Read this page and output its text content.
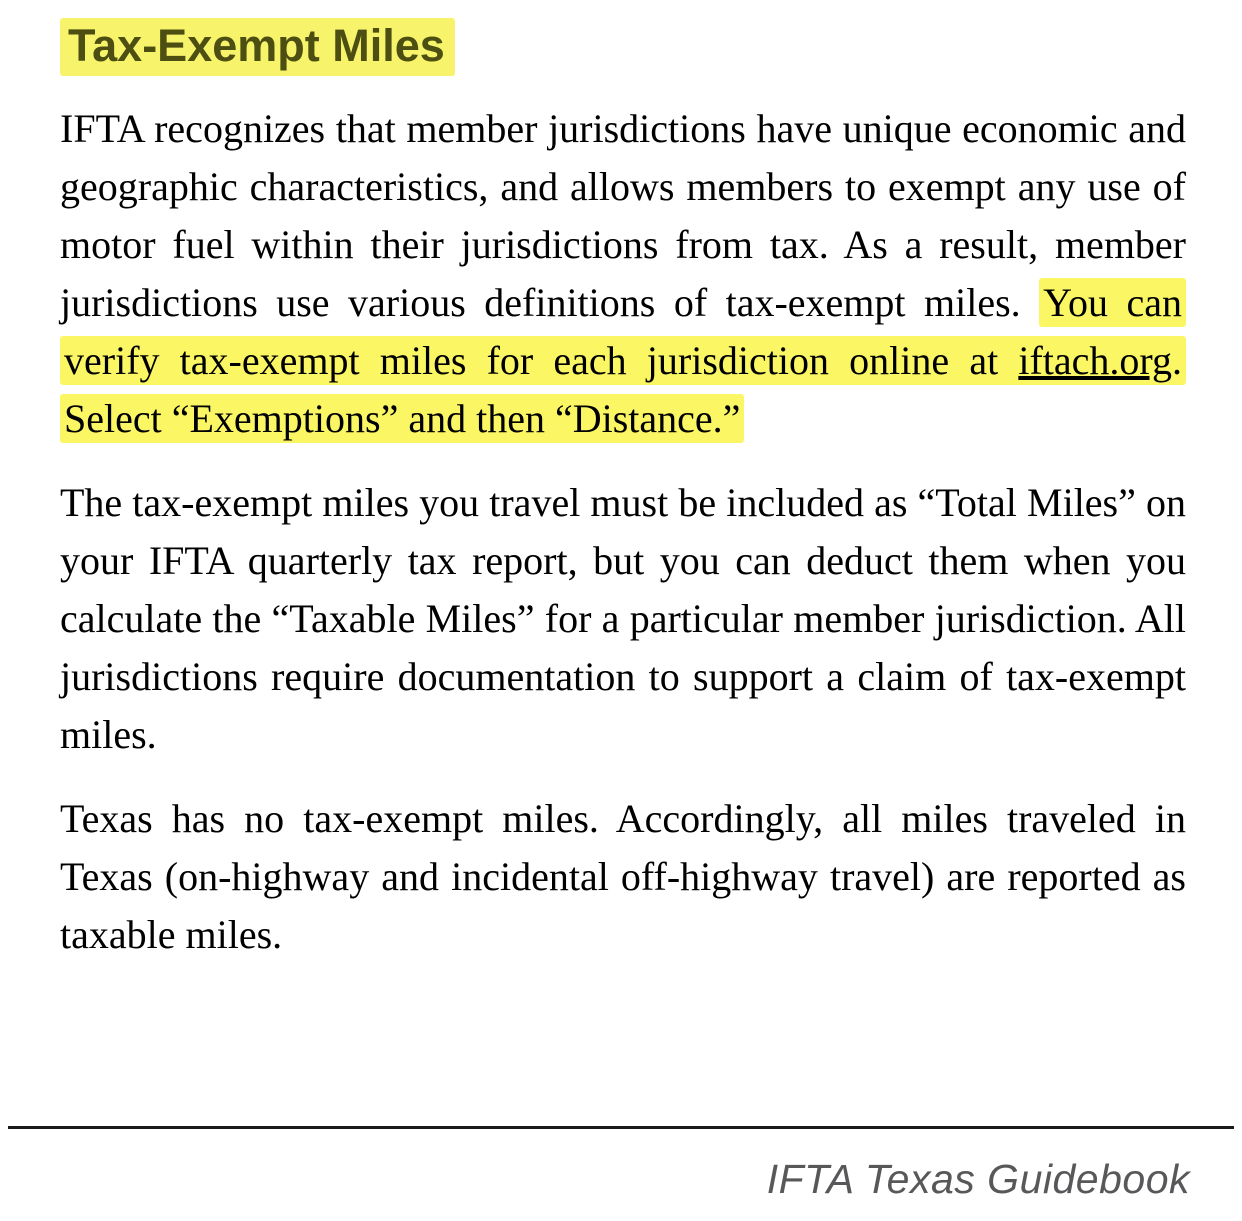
Tax-Exempt Miles

IFTA recognizes that member jurisdictions have unique economic and geographic characteristics, and allows members to exempt any use of motor fuel within their jurisdictions from tax. As a result, member jurisdictions use various definitions of tax-exempt miles. You can verify tax-exempt miles for each jurisdiction online at iftach.org. Select “Exemptions” and then “Distance.”

The tax-exempt miles you travel must be included as “Total Miles” on your IFTA quarterly tax report, but you can deduct them when you calculate the “Taxable Miles” for a particular member jurisdiction. All jurisdictions require documentation to support a claim of tax-exempt miles.

Texas has no tax-exempt miles. Accordingly, all miles traveled in Texas (on-highway and incidental off-highway travel) are reported as taxable miles.

IFTA Texas Guidebook
